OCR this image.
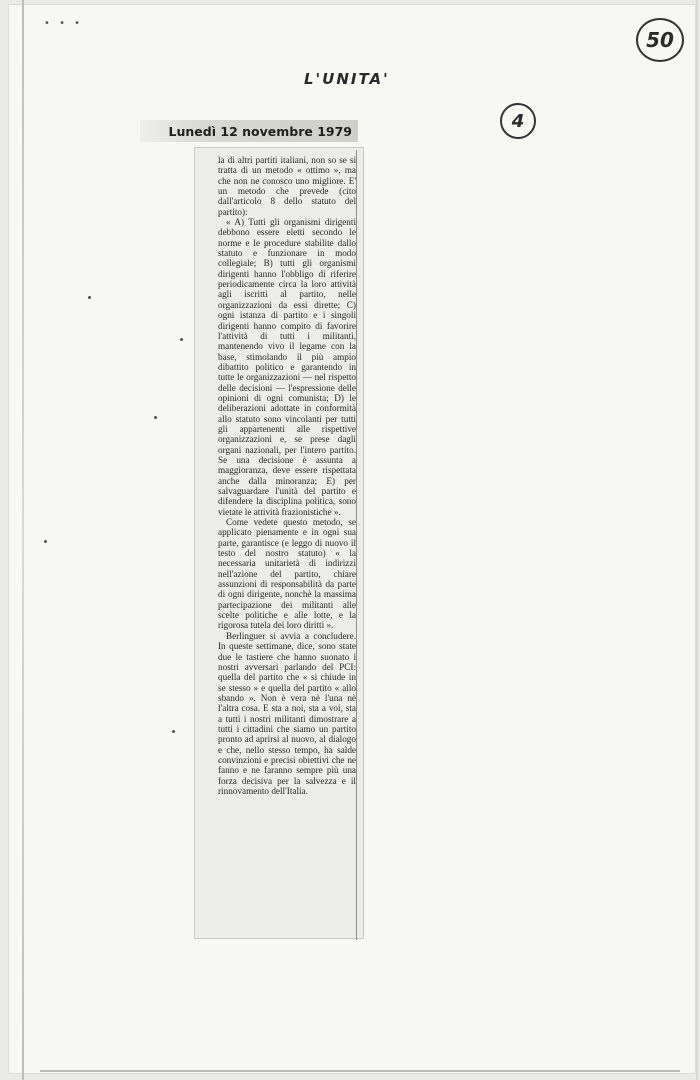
• • •
50
L'UNITA'
4
Lunedì 12 novembre 1979

la di altri partiti italiani, non so se si tratta di un metodo « ottimo », ma che non ne conosco uno migliore. E' un metodo che prevede (cito dall'articolo 8 dello statuto del partito):

« A) Tutti gli organismi dirigenti debbono essere eletti secondo le norme e le procedure stabilite dallo statuto e funzionare in modo collegiale; B) tutti gli organismi dirigenti hanno l'obbligo di riferire periodicamente circa la loro attività agli iscritti al partito, nelle organizzazioni da essi dirette; C) ogni istanza di partito e i singoli dirigenti hanno compito di favorire l'attività di tutti i militanti, mantenendo vivo il legame con la base, stimolando il più ampio dibattito politico e garantendo in tutte le organizzazioni — nel rispetto delle decisioni — l'espressione delle opinioni di ogni comunista; D) le deliberazioni adottate in conformità allo statuto sono vincolanti per tutti gli appartenenti alle rispettive organizzazioni e, se prese dagli organi nazionali, per l'intero partito. Se una decisione è assunta a maggioranza, deve essere rispettata anche dalla minoranza; E) per salvaguardare l'unità del partito e difendere la disciplina politica, sono vietate le attività frazionistiche ».

Come vedete questo metodo, se applicato pienamente e in ogni sua parte, garantisce (e leggo di nuovo il testo del nostro statuto) « la necessaria unitarietà di indirizzi nell'azione del partito, chiare assunzioni di responsabilità da parte di ogni dirigente, nonchè la massima partecipazione dei militanti alle scelte politiche e alle lotte, e la rigorosa tutela dei loro diritti ».

Berlinguer si avvia a concludere. In queste settimane, dice, sono state due le tastiere che hanno suonato i nostri avversari parlando del PCI: quella del partito che « si chiude in se stesso » e quella del partito « allo sbando ». Non è vera nè l'una nè l'altra cosa. E sta a noi, sta a voi, sta a tutti i nostri militanti dimostrare a tutti i cittadini che siamo un partito pronto ad aprirsi al nuovo, al dialogo e che, nello stesso tempo, ha salde convinzioni e precisi obiettivi che ne fanno e ne faranno sempre più una forza decisiva per la salvezza e il rinnovamento dell'Italia.
